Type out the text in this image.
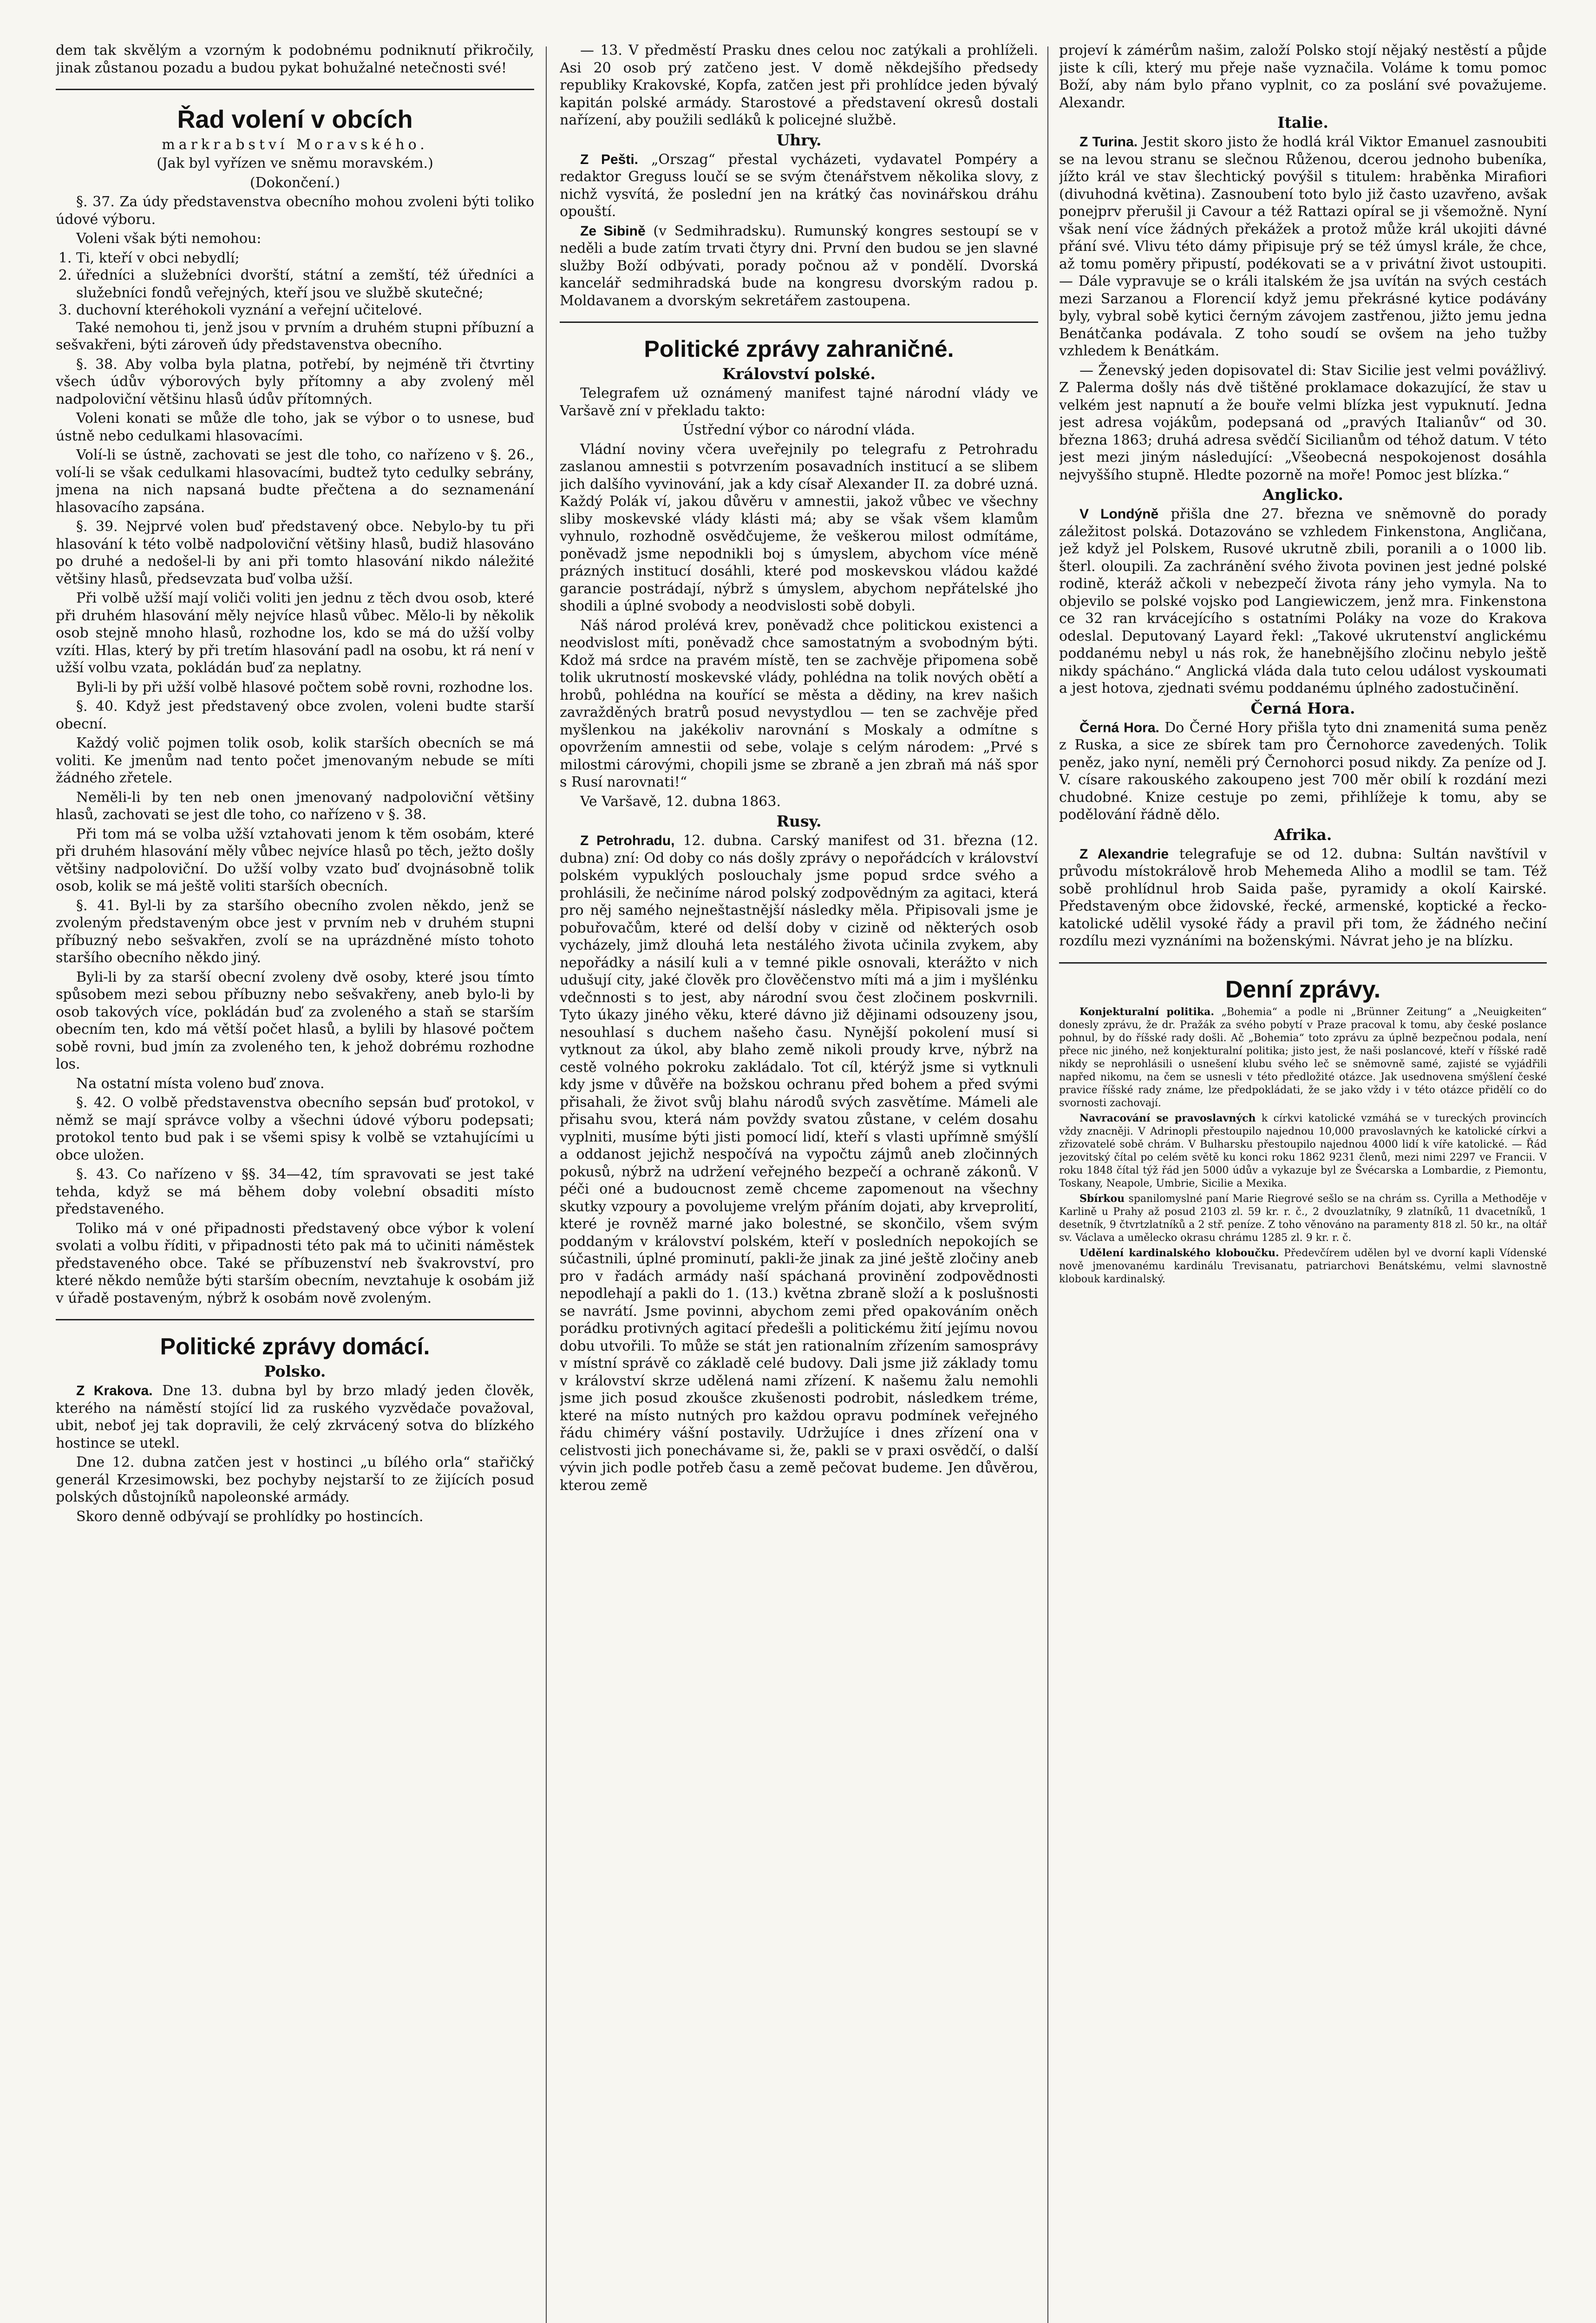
dem tak skvělým a vzorným k podobnému podniknutí přikročily, jinak zůstanou pozadu a budou pykat bohužalné netečnosti své!

Řad volení v obcích
markrabství Moravského.

(Jak byl vyřízen ve sněmu moravském.)

(Dokončení.)

§. 37. Za údy představenstva obecního mohou zvoleni býti toliko údové výboru.

Voleni však býti nemohou:

1. Ti, kteří v obci nebydlí;
2. úředníci a služebníci dvorští, státní a zemští, též úředníci a služebníci fondů veřejných, kteří jsou ve službě skutečné;
3. duchovní kteréhokoli vyznání a veřejní učitelové.

Také nemohou ti, jenž jsou v prvním a druhém stupni příbuzní a sešvakřeni, býti zároveň údy představenstva obecního.

§. 38. Aby volba byla platna, potřebí, by nejméně tři čtvrtiny všech údův výborových byly přítomny a aby zvolený měl nadpoloviční většinu hlasů údův přítomných.

Voleni konati se může dle toho, jak se výbor o to usnese, buď ústně nebo cedulkami hlasovacími.

Volí-li se ústně, zachovati se jest dle toho, co nařízeno v §. 26., volí-li se však cedulkami hlasovacími, budtež tyto cedulky sebrány, jmena na nich napsaná budte přečtena a do seznamenání hlasovacího zapsána.

§. 39. Nejprvé volen buď představený obce. Nebylo-by tu při hlasování k této volbě nadpoloviční většiny hlasů, budiž hlasováno po druhé a nedošel-li by ani při tomto hlasování nikdo náležité většiny hlasů, předsevzata buď volba užší.

Při volbě užší mají voliči voliti jen jednu z těch dvou osob, které při druhém hlasování měly nejvíce hlasů vůbec. Mělo-li by několik osob stejně mnoho hlasů, rozhodne los, kdo se má do užší volby vzíti. Hlas, který by při tretím hlasování padl na osobu, kt rá není v užší volbu vzata, pokládán buď za neplatny.

Byli-li by při užší volbě hlasové počtem sobě rovni, rozhodne los.

§. 40. Když jest představený obce zvolen, voleni budte starší obecní.

Každý volič pojmen tolik osob, kolik starších obecních se má voliti. Ke jmenům nad tento počet jmenovaným nebude se míti žádného zřetele.

Neměli-li by ten neb onen jmenovaný nadpoloviční většiny hlasů, zachovati se jest dle toho, co nařízeno v §. 38.

Při tom má se volba užší vztahovati jenom k těm osobám, které při druhém hlasování měly vůbec nejvíce hlasů po těch, ježto došly většiny nadpoloviční. Do užší volby vzato buď dvojnásobně tolik osob, kolik se má ještě voliti starších obecních.

§. 41. Byl-li by za staršího obecního zvolen někdo, jenž se zvoleným představeným obce jest v prvním neb v druhém stupni příbuzný nebo sešvakřen, zvolí se na uprázdněné místo tohoto staršího obecního někdo jiný.

Byli-li by za starší obecní zvoleny dvě osoby, které jsou tímto spůsobem mezi sebou příbuzny nebo sešvakřeny, aneb bylo-li by osob takových více, pokládán buď za zvoleného a staň se starším obecním ten, kdo má větší počet hlasů, a bylili by hlasové počtem sobě rovni, bud jmín za zvoleného ten, k jehož dobrému rozhodne los.

Na ostatní místa voleno buď znova.

§. 42. O volbě představenstva obecního sepsán buď protokol, v němž se mají správce volby a všechni údové výboru podepsati; protokol tento bud pak i se všemi spisy k volbě se vztahujícími u obce uložen.

§. 43. Co nařízeno v §§. 34—42, tím spravovati se jest také tehda, když se má během doby volební obsaditi místo představeného.

Toliko má v oné připadnosti představený obce výbor k volení svolati a volbu říditi, v připadnosti této pak má to učiniti náměstek představeného obce. Také se příbuzenství neb švakrovství, pro které někdo nemůže býti starším obecním, nevztahuje k osobám již v úřadě postaveným, nýbrž k osobám nově zvoleným.

Politické zprávy domácí.
Polsko.

Z Krakova. Dne 13. dubna byl by brzo mladý jeden člověk, kterého na náměstí stojící lid za ruského vyzvědače považoval, ubit, neboť jej tak dopravili, že celý zkrvácený sotva do blízkého hostince se utekl.

Dne 12. dubna zatčen jest v hostinci „u bílého orla“ stařičký generál Krzesimowski, bez pochyby nejstarší to ze žijících posud polských důstojníků napoleonské armády.

Skoro denně odbývají se prohlídky po hostincích.

— 13. V předměstí Prasku dnes celou noc zatýkali a prohlíželi. Asi 20 osob prý zatčeno jest. V domě někdejšího předsedy republiky Krakovské, Kopfa, zatčen jest při prohlídce jeden bývalý kapitán polské armády. Starostové a představení okresů dostali nařízení, aby použili sedláků k policejné službě.

Uhry.

Z Pešti. „Orszag“ přestal vycházeti, vydavatel Pompéry a redaktor Greguss loučí se se svým čtenářstvem několika slovy, z nichž vysvítá, že poslední jen na krátký čas novinářskou dráhu opouští.

Ze Sibině (v Sedmihradsku). Rumunský kongres sestoupí se v neděli a bude zatím trvati čtyry dni. První den budou se jen slavné služby Boží odbývati, porady počnou až v pondělí. Dvorská kancelář sedmihradská bude na kongresu dvorským radou p. Moldavanem a dvorským sekretářem zastoupena.

Politické zprávy zahraničné.
Království polské.

Telegrafem už oznámený manifest tajné národní vlády ve Varšavě zní v překladu takto:

Ústřední výbor co národní vláda.

Vládní noviny včera uveřejnily po telegrafu z Petrohradu zaslanou amnestii s potvrzením posavadních institucí a se slibem jich dalšího vyvinování, jak a kdy císař Alexander II. za dobré uzná. Každý Polák ví, jakou důvěru v amnestii, jakož vůbec ve všechny sliby moskevské vlády klásti má; aby se však všem klamům vyhnulo, rozhodně osvědčujeme, že veškerou milost odmítáme, poněvadž jsme nepodnikli boj s úmyslem, abychom více méně prázných institucí dosáhli, které pod moskevskou vládou každé garancie postrádají, nýbrž s úmyslem, abychom nepřátelské jho shodili a úplné svobody a neodvislosti sobě dobyli.

Náš národ prolévá krev, poněvadž chce politickou existenci a neodvislost míti, poněvadž chce samostatným a svobodným býti. Kdož má srdce na pravém místě, ten se zachvěje připomena sobě tolik ukrutností moskevské vlády, pohlédna na tolik nových obětí a hrobů, pohlédna na kouřící se města a dědiny, na krev našich zavražděných bratrů posud nevystydlou — ten se zachvěje před myšlenkou na jakékoliv narovnání s Moskaly a odmítne s opovržením amnestii od sebe, volaje s celým národem: „Prvé s milostmi cárovými, chopili jsme se zbraně a jen zbraň má náš spor s Rusí narovnati!“

Ve Varšavě, 12. dubna 1863.

Rusy.

Z Petrohradu, 12. dubna. Carský manifest od 31. března (12. dubna) zní: Od doby co nás došly zprávy o nepořádcích v království polském vypuklých poslouchaly jsme popud srdce svého a prohlásili, že nečiníme národ polský zodpovědným za agitaci, která pro něj samého nejneštastnější následky měla. Připisovali jsme je pobuřovačům, které od delší doby v cizině od některých osob vycházely, jimž dlouhá leta nestálého života učinila zvykem, aby nepořádky a násilí kuli a v temné pikle osnovali, kterážto v nich udušují city, jaké člověk pro člověčenstvo míti má a jim i myšlénku vdečnnosti s to jest, aby národní svou čest zločinem poskvrnili. Tyto úkazy jiného věku, které dávno již dějinami odsouzeny jsou, nesouhlasí s duchem našeho času. Nynější pokolení musí si vytknout za úkol, aby blaho země nikoli proudy krve, nýbrž na cestě volného pokroku zakládalo. Tot cíl, ktérýž jsme si vytknuli kdy jsme v důvěře na božskou ochranu před bohem a před svými přisahali, že život svůj blahu národů svých zasvětíme. Mámeli ale přisahu svou, která nám povždy svatou zůstane, v celém dosahu vyplniti, musíme býti jisti pomocí lidí, kteří s vlasti upřímně smýšlí a oddanost jejichž nespočívá na vypočtu zájmů aneb zločinných pokusů, nýbrž na udržení veřejného bezpečí a ochraně zákonů. V péči oné a budoucnost země chceme zapomenout na všechny skutky vzpoury a povolujeme vrelým přáním dojati, aby krveprolití, které je rovněž marné jako bolestné, se skončilo, všem svým poddaným v království polském, kteří v posledních nepokojích se súčastnili, úplné prominutí, pakli-že jinak za jiné ještě zločiny aneb pro v řadách armády naší spáchaná provinění zodpovědnosti nepodlehají a pakli do 1. (13.) května zbraně složí a k poslušnosti se navrátí. Jsme povinni, abychom zemi před opakováním oněch porádku protivných agitací předešli a politickému žití jejímu novou dobu utvořili. To může se stát jen rationalním zřízením samosprávy v místní správě co základě celé budovy. Dali jsme již základy tomu v království skrze udělená nami zřízení. K našemu žalu nemohli jsme jich posud zkoušce zkušenosti podrobit, následkem tréme, které na místo nutných pro každou opravu podmínek veřejného řádu chiméry vášní postavily. Udržujíce i dnes zřízení ona v celistvosti jich ponechávame si, že, pakli se v praxi osvědčí, o další vývin jich podle potřeb času a země pečovat budeme. Jen důvěrou, kterou země

projeví k zámérům našim, založí Polsko stojí nějaký nestěstí a půjde jiste k cíli, který mu přeje naše vyznačila. Voláme k tomu pomoc Boží, aby nám bylo přano vyplnit, co za poslání své považujeme. Alexandr.

Italie.

Z Turina. Jestit skoro jisto že hodlá král Viktor Emanuel zasnoubiti se na levou stranu se slečnou Růženou, dcerou jednoho bubeníka, jížto král ve stav šlechtický povýšil s titulem: hraběnka Mirafiori (divuhodná květina). Zasnoubení toto bylo již často uzavřeno, avšak ponejprv přerušil ji Cavour a též Rattazi opíral se ji všemožně. Nyní však není více žádných překážek a protož může král ukojiti dávné přání své. Vlivu této dámy připisuje prý se též úmysl krále, že chce, až tomu poměry připustí, podékovati se a v privátní život ustoupiti. — Dále vypravuje se o králi italském že jsa uvítán na svých cestách mezi Sarzanou a Florencií když jemu překrásné kytice podávány byly, vybral sobě kytici černým závojem zastřenou, jižto jemu jedna Benátčanka podávala. Z toho soudí se ovšem na jeho tužby vzhledem k Benátkám.

— Ženevský jeden dopisovatel di: Stav Sicilie jest velmi povážlivý. Z Palerma došly nás dvě tištěné proklamace dokazující, že stav u velkém jest napnutí a že bouře velmi blízka jest vypuknutí. Jedna jest adresa vojákům, podepsaná od „pravých Italianův“ od 30. března 1863; druhá adresa svědčí Sicilianům od téhož datum. V této jest mezi jiným následující: „Všeobecná nespokojenost dosáhla nejvyššího stupně. Hledte pozorně na moře! Pomoc jest blízka.“

Anglicko.

V Londýně přišla dne 27. března ve sněmovně do porady záležitost polská. Dotazováno se vzhledem Finkenstona, Angličana, jež když jel Polskem, Rusové ukrutně zbili, poranili a o 1000 lib. šterl. oloupili. Za zachránění svého života povinen jest jedné polské rodině, kteráž ačkoli v nebezpečí života rány jeho vymyla. Na to objevilo se polské vojsko pod Langiewiczem, jenž mra. Finkenstona ce 32 ran krvácejícího s ostatními Poláky na voze do Krakova odeslal. Deputovaný Layard řekl: „Takové ukrutenství anglickému poddanému nebyl u nás rok, že hanebnějšího zločinu nebylo ještě nikdy spácháno.“ Anglická vláda dala tuto celou událost vyskoumati a jest hotova, zjednati svému poddanému úplného zadostučinění.

Černá Hora.

Černá Hora. Do Černé Hory přišla tyto dni znamenitá suma peněz z Ruska, a sice ze sbírek tam pro Černohorce zavedených. Tolik peněz, jako nyní, neměli prý Černohorci posud nikdy. Za peníze od J. V. císare rakouského zakoupeno jest 700 měr obilí k rozdání mezi chudobné. Knize cestuje po zemi, přihlížeje k tomu, aby se podělování řádně dělo.

Afrika.

Z Alexandrie telegrafuje se od 12. dubna: Sultán navštívil v průvodu místokrálově hrob Mehemeda Aliho a modlil se tam. Též sobě prohlídnul hrob Saida paše, pyramidy a okolí Kairské. Představeným obce židovské, řecké, armenské, koptické a řecko-katolické udělil vysoké řády a pravil při tom, že žádného nečiní rozdílu mezi vyznáními na boženskými. Návrat jeho je na blízku.

Denní zprávy.

Konjekturalní politika. „Bohemia“ a podle ni „Brünner Zeitung“ a „Neuigkeiten“ donesly zprávu, že dr. Pražák za svého pobytí v Praze pracoval k tomu, aby české poslance pohnul, by do říšské rady došli. Ač „Bohemia“ toto zprávu za úplně bezpečnou podala, není přece nic jiného, než konjekturalní politika; jisto jest, že naši poslancové, kteří v říšské radě nikdy se neprohlásili o usnešení klubu svého leč se sněmovně samé, zajisté se vyjádřili napřed nikomu, na čem se usnesli v této předložité otázce. Jak usednovena smýšlení české pravice říšské rady známe, lze předpokládati, že se jako vždy i v této otázce přidělí co do svornosti zachovají.

Navracování se pravoslavných k církvi katolické vzmáhá se v tureckých provincích vždy znacněji. V Adrinopli přestoupilo najednou 10,000 pravoslavných ke katolické církvi a zřizovatelé sobě chrám. V Bulharsku přestoupilo najednou 4000 lidí k víře katolické. — Řád jezovitský čítal po celém světě ku konci roku 1862 9231 členů, mezi nimi 2297 ve Francii. V roku 1848 čítal týž řád jen 5000 údův a vykazuje byl ze Švécarska a Lombardie, z Piemontu, Toskany, Neapole, Umbrie, Sicilie a Mexika.

Sbírkou spanilomyslné paní Marie Riegrové sešlo se na chrám ss. Cyrilla a Methoděje v Karlině u Prahy až posud 2103 zl. 59 kr. r. č., 2 dvouzlatníky, 9 zlatníků, 11 dvacetníků, 1 desetník, 9 čtvrtzlatníků a 2 stř. peníze. Z toho věnováno na paramenty 818 zl. 50 kr., na oltář sv. Václava a umělecko okrasu chrámu 1285 zl. 9 kr. r. č.

Udělení kardinalského kloboučku. Předevčírem udělen byl ve dvorní kapli Vídenské nově jmenovanému kardinálu Trevisanatu, patriarchovi Benátskému, velmi slavnostně klobouk kardinalský.
